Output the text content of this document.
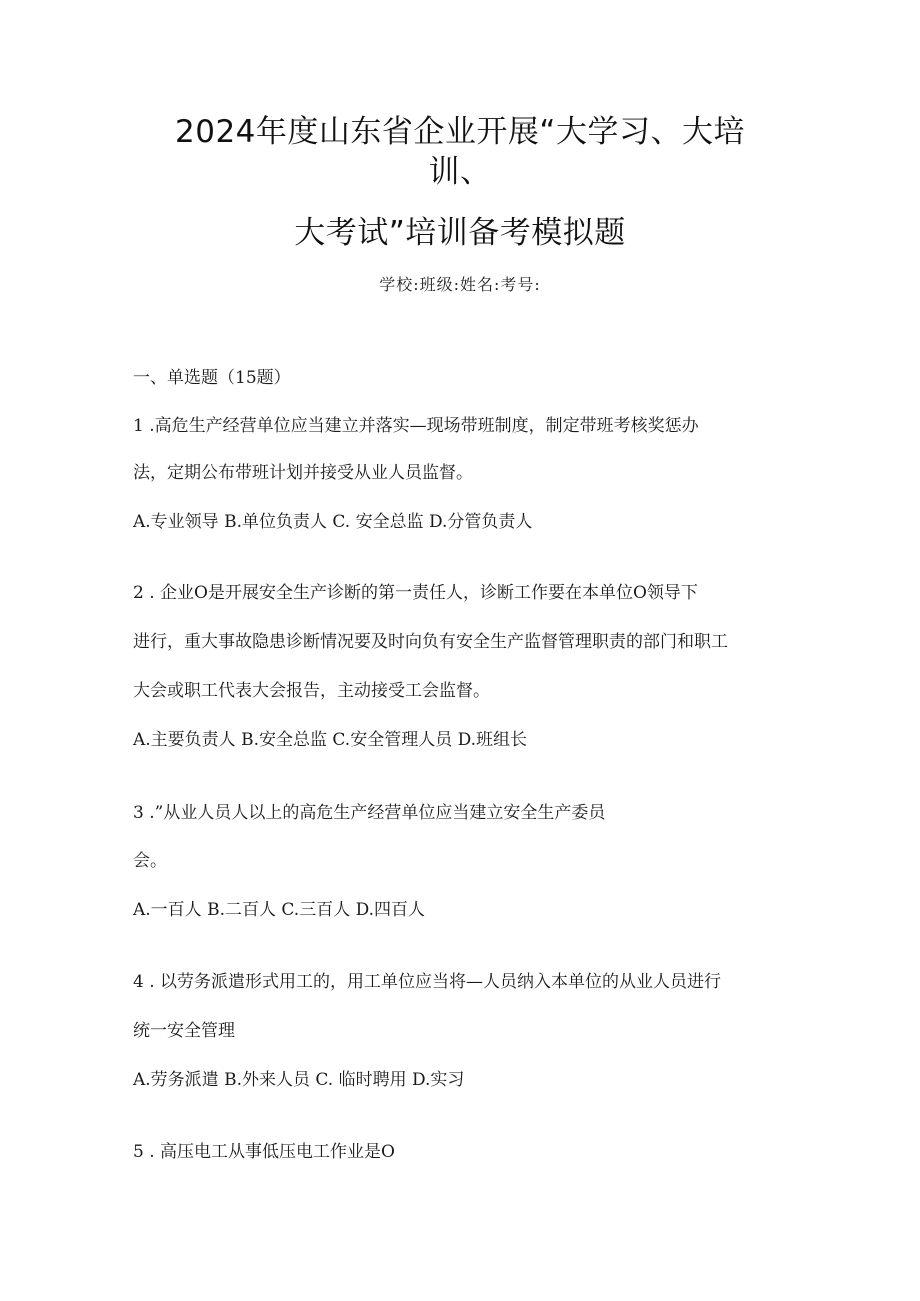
2024年度山东省企业开展“大学习、大培
训、
大考试”培训备考模拟题
学校:班级:姓名:考号:
一、单选题（15题）
1 .高危生产经营单位应当建立并落实—现场带班制度，制定带班考核奖惩办
法，定期公布带班计划并接受从业人员监督。
A.专业领导 B.单位负责人 C. 安全总监 D.分管负责人
2 . 企业O是开展安全生产诊断的第一责任人，诊断工作要在本单位O领导下
进行，重大事故隐患诊断情况要及时向负有安全生产监督管理职责的部门和职工
大会或职工代表大会报告，主动接受工会监督。
A.主要负责人 B.安全总监 C.安全管理人员 D.班组长
3 .”从业人员人以上的高危生产经营单位应当建立安全生产委员
会。
A.一百人 B.二百人 C.三百人 D.四百人
4 . 以劳务派遣形式用工的，用工单位应当将—人员纳入本单位的从业人员进行
统一安全管理
A.劳务派遣 B.外来人员 C. 临时聘用 D.实习
5 . 高压电工从事低压电工作业是O
